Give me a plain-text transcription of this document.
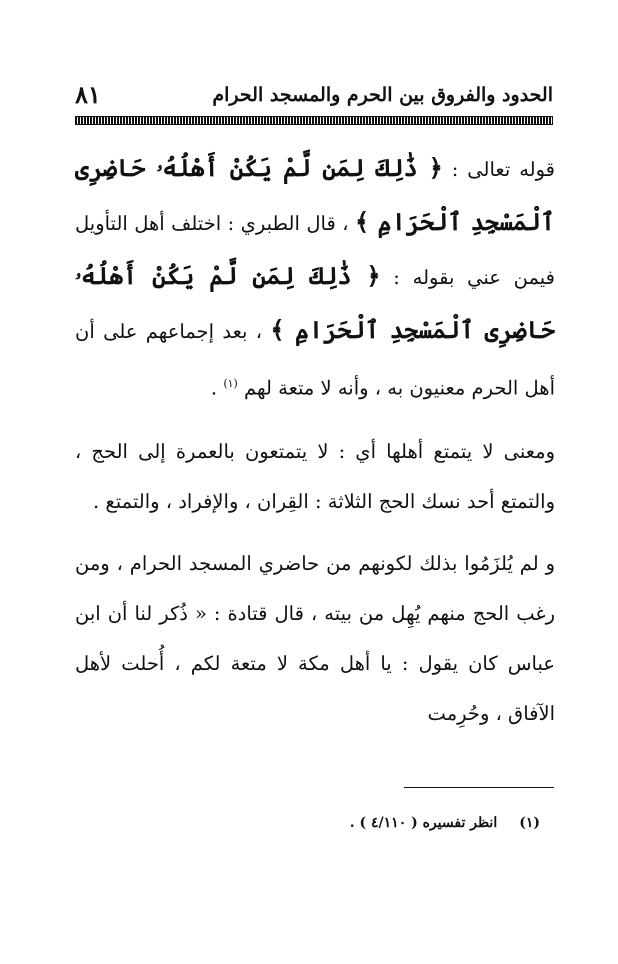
الحدود والفروق بين الحرم والمسجد الحرام
٨١

قوله تعالى : ﴿ ذَٰلِكَ لِمَن لَّمْ يَكُنْ أَهْلُهُۥ حَاضِرِى ٱلْمَسْجِدِ ٱلْحَرَامِ ﴾ ، قال الطبري : اختلف أهل التأويل فيمن عني بقوله : ﴿ ذَٰلِكَ لِمَن لَّمْ يَكُنْ أَهْلُهُۥ حَاضِرِى ٱلْمَسْجِدِ ٱلْحَرَامِ ﴾ ، بعد إجماعهم على أن أهل الحرم معنيون به ، وأنه لا متعة لهم $^{(١)}$ .

ومعنى لا يتمتع أهلها أي : لا يتمتعون بالعمرة إلى الحج ، والتمتع أحد نسك الحج الثلاثة : القِران ، والإفراد ، والتمتع .

و لم يُلزَمُوا بذلك لكونهم من حاضري المسجد الحرام ، ومن رغب الحج منهم يُهِل من بيته ، قال قتادة : « ذُكر لنا أن ابن عباس كان يقول : يا أهل مكة لا متعة لكم ، أُحلت لأهل الآفاق ، وحُرِمت

(١)انظر تفسيره ( ٤/١١٠ ) .
